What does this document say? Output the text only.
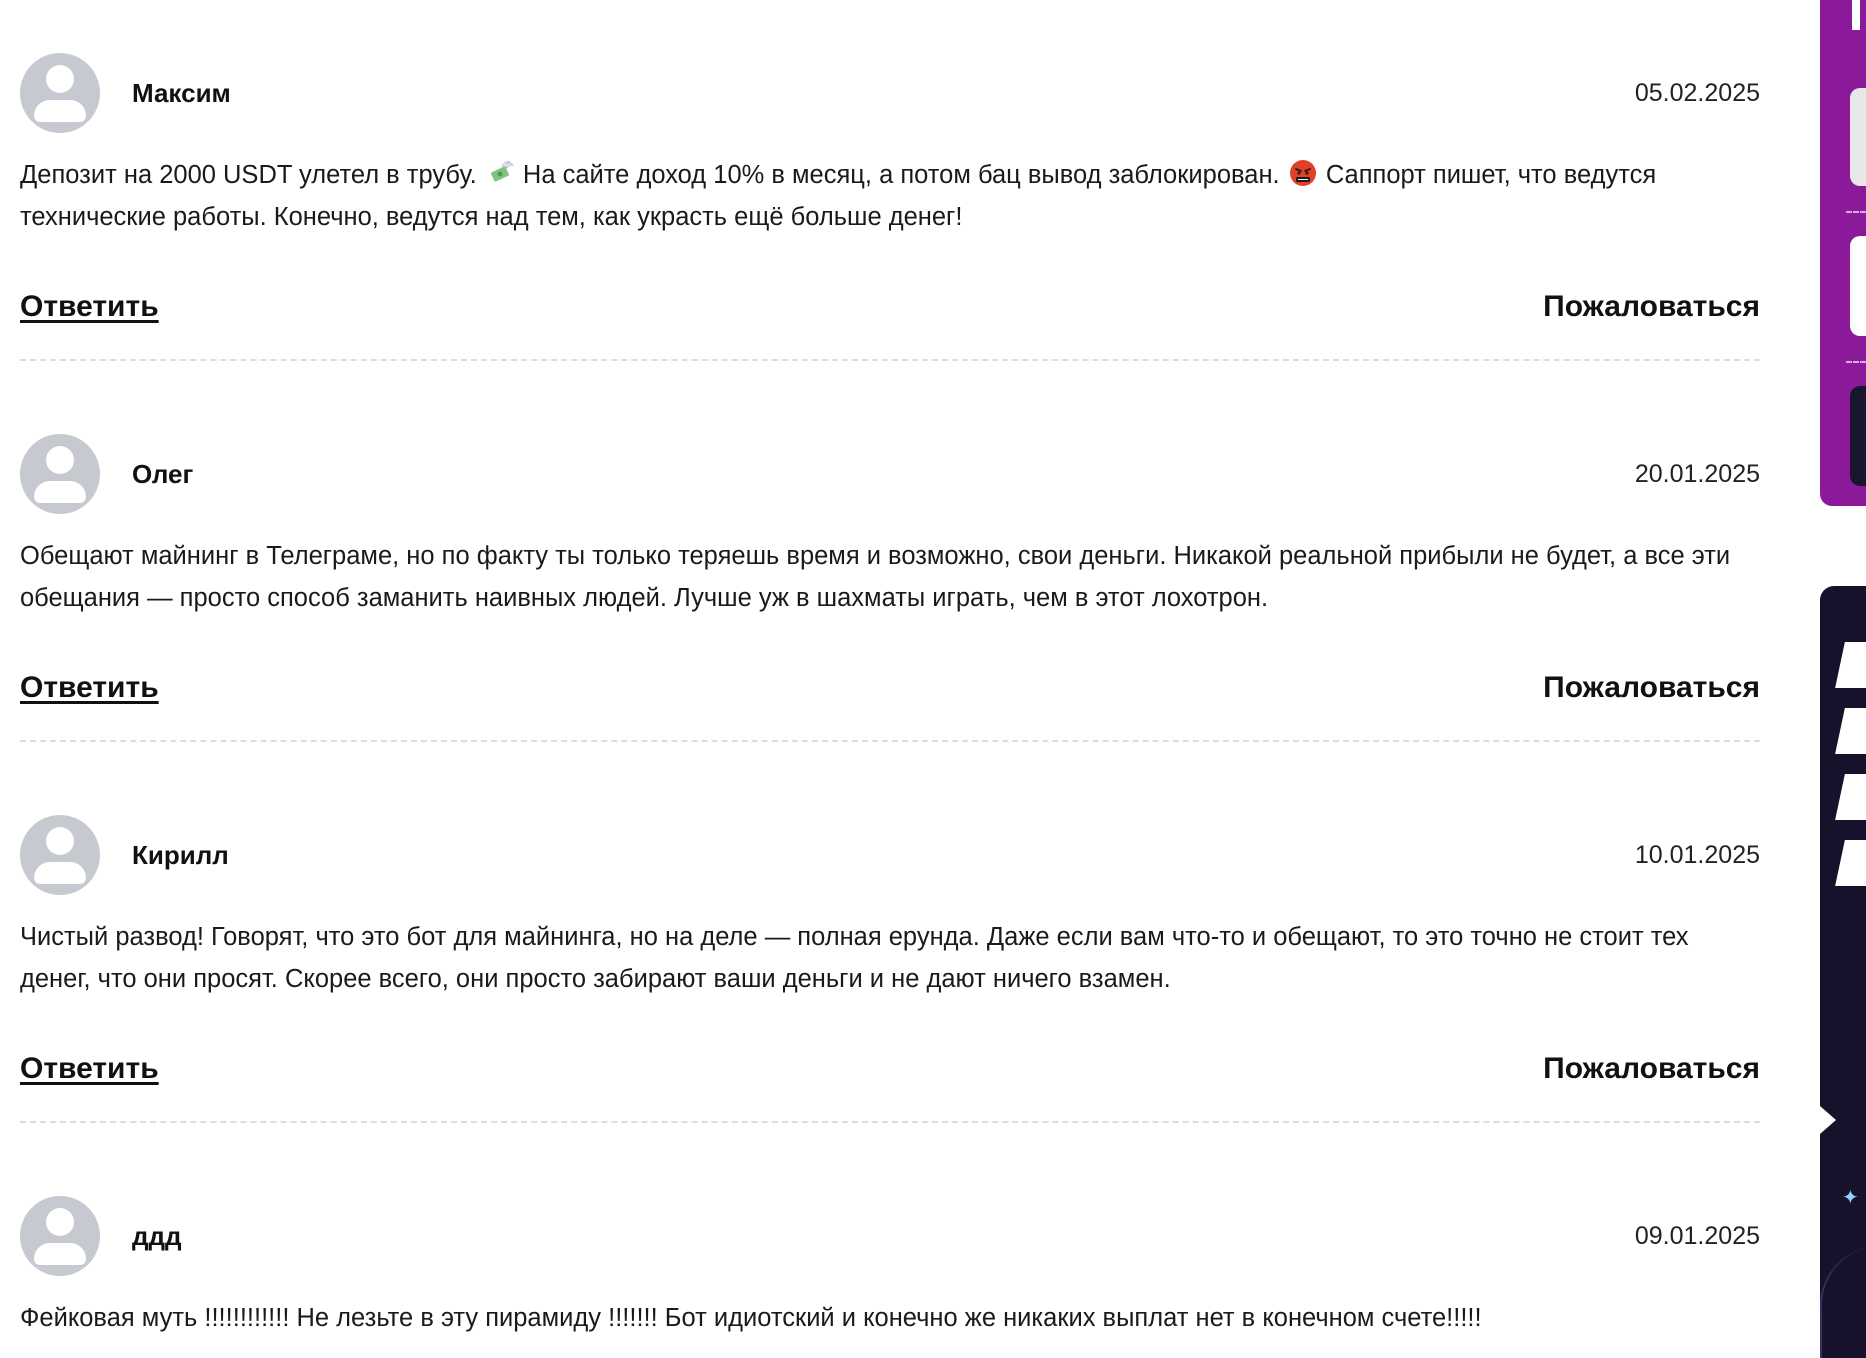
Максим	05.02.2025
Депозит на 2000 USDT улетел в трубу. На сайте доход 10% в месяц, а потом бац вывод заблокирован. Саппорт пишет, что ведутся технические работы. Конечно, ведутся над тем, как украсть ещё больше денег!
Ответить	Пожаловаться
Олег	20.01.2025
Обещают майнинг в Телеграме, но по факту ты только теряешь время и возможно, свои деньги. Никакой реальной прибыли не будет, а все эти обещания — просто способ заманить наивных людей. Лучше уж в шахматы играть, чем в этот лохотрон.
Ответить	Пожаловаться
Кирилл	10.01.2025
Чистый развод! Говорят, что это бот для майнинга, но на деле — полная ерунда. Даже если вам что-то и обещают, то это точно не стоит тех денег, что они просят. Скорее всего, они просто забирают ваши деньги и не дают ничего взамен.
Ответить	Пожаловаться
ддд	09.01.2025
Фейковая муть !!!!!!!!!!!! Не лезьте в эту пирамиду !!!!!!! Бот идиотский и конечно же никаких выплат нет в конечном счете!!!!!
✦
